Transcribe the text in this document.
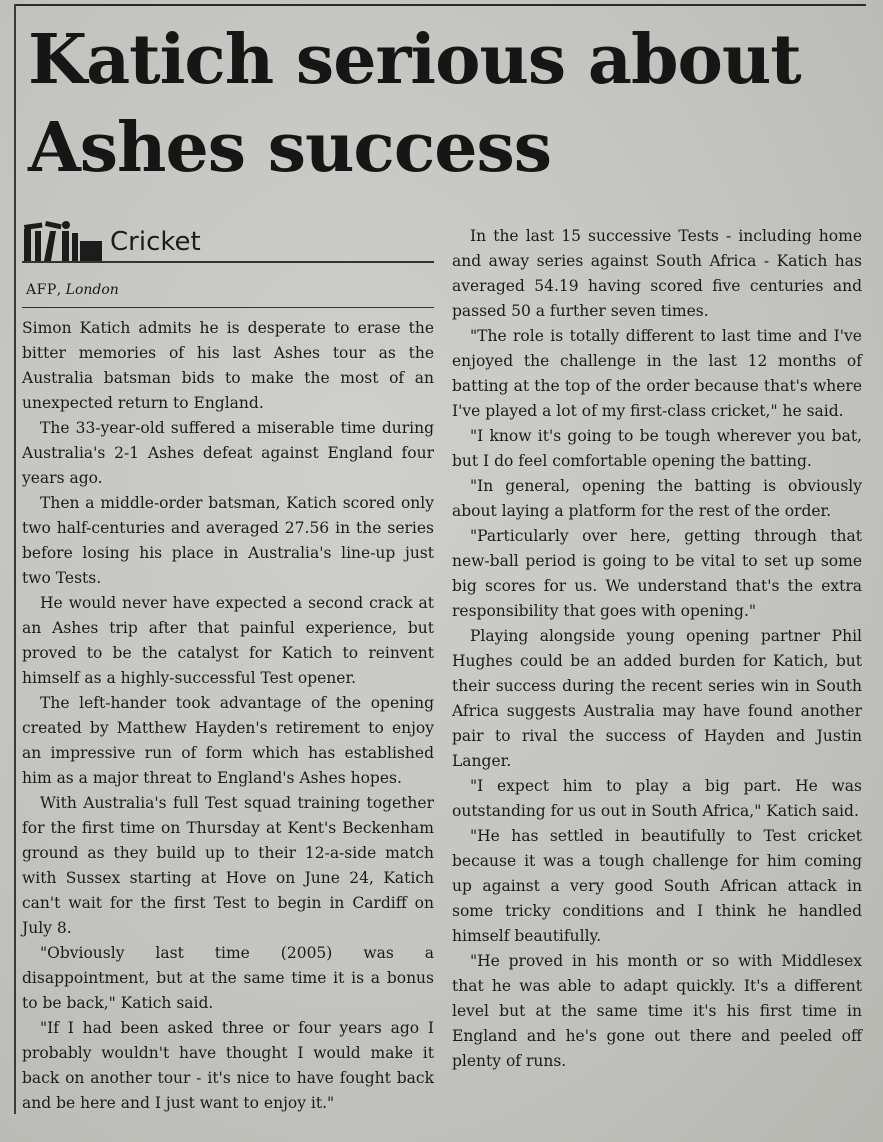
Katich serious about Ashes success
Cricket
AFP, London

Simon Katich admits he is desperate to erase the bitter memories of his last Ashes tour as the Australia batsman bids to make the most of an unexpected return to England.

The 33-year-old suffered a miserable time during Australia's 2-1 Ashes defeat against England four years ago.

Then a middle-order batsman, Katich scored only two half-centuries and averaged 27.56 in the series before losing his place in Australia's line-up just two Tests.

He would never have expected a second crack at an Ashes trip after that painful experience, but proved to be the catalyst for Katich to reinvent himself as a highly-successful Test opener.

The left-hander took advantage of the opening created by Matthew Hayden's retirement to enjoy an impressive run of form which has established him as a major threat to England's Ashes hopes.

With Australia's full Test squad training together for the first time on Thursday at Kent's Beckenham ground as they build up to their 12-a-side match with Sussex starting at Hove on June 24, Katich can't wait for the first Test to begin in Cardiff on July 8.

"Obviously last time (2005) was a disappointment, but at the same time it is a bonus to be back," Katich said.

"If I had been asked three or four years ago I probably wouldn't have thought I would make it back on another tour - it's nice to have fought back and be here and I just want to enjoy it."

In the last 15 successive Tests - including home and away series against South Africa - Katich has averaged 54.19 having scored five centuries and passed 50 a further seven times.

"The role is totally different to last time and I've enjoyed the challenge in the last 12 months of batting at the top of the order because that's where I've played a lot of my first-class cricket," he said.

"I know it's going to be tough wherever you bat, but I do feel comfortable opening the batting.

"In general, opening the batting is obviously about laying a platform for the rest of the order.

"Particularly over here, getting through that new-ball period is going to be vital to set up some big scores for us. We understand that's the extra responsibility that goes with opening."

Playing alongside young opening partner Phil Hughes could be an added burden for Katich, but their success during the recent series win in South Africa suggests Australia may have found another pair to rival the success of Hayden and Justin Langer.

"I expect him to play a big part. He was outstanding for us out in South Africa," Katich said.

"He has settled in beautifully to Test cricket because it was a tough challenge for him coming up against a very good South African attack in some tricky conditions and I think he handled himself beautifully.

"He proved in his month or so with Middlesex that he was able to adapt quickly. It's a different level but at the same time it's his first time in England and he's gone out there and peeled off plenty of runs.
